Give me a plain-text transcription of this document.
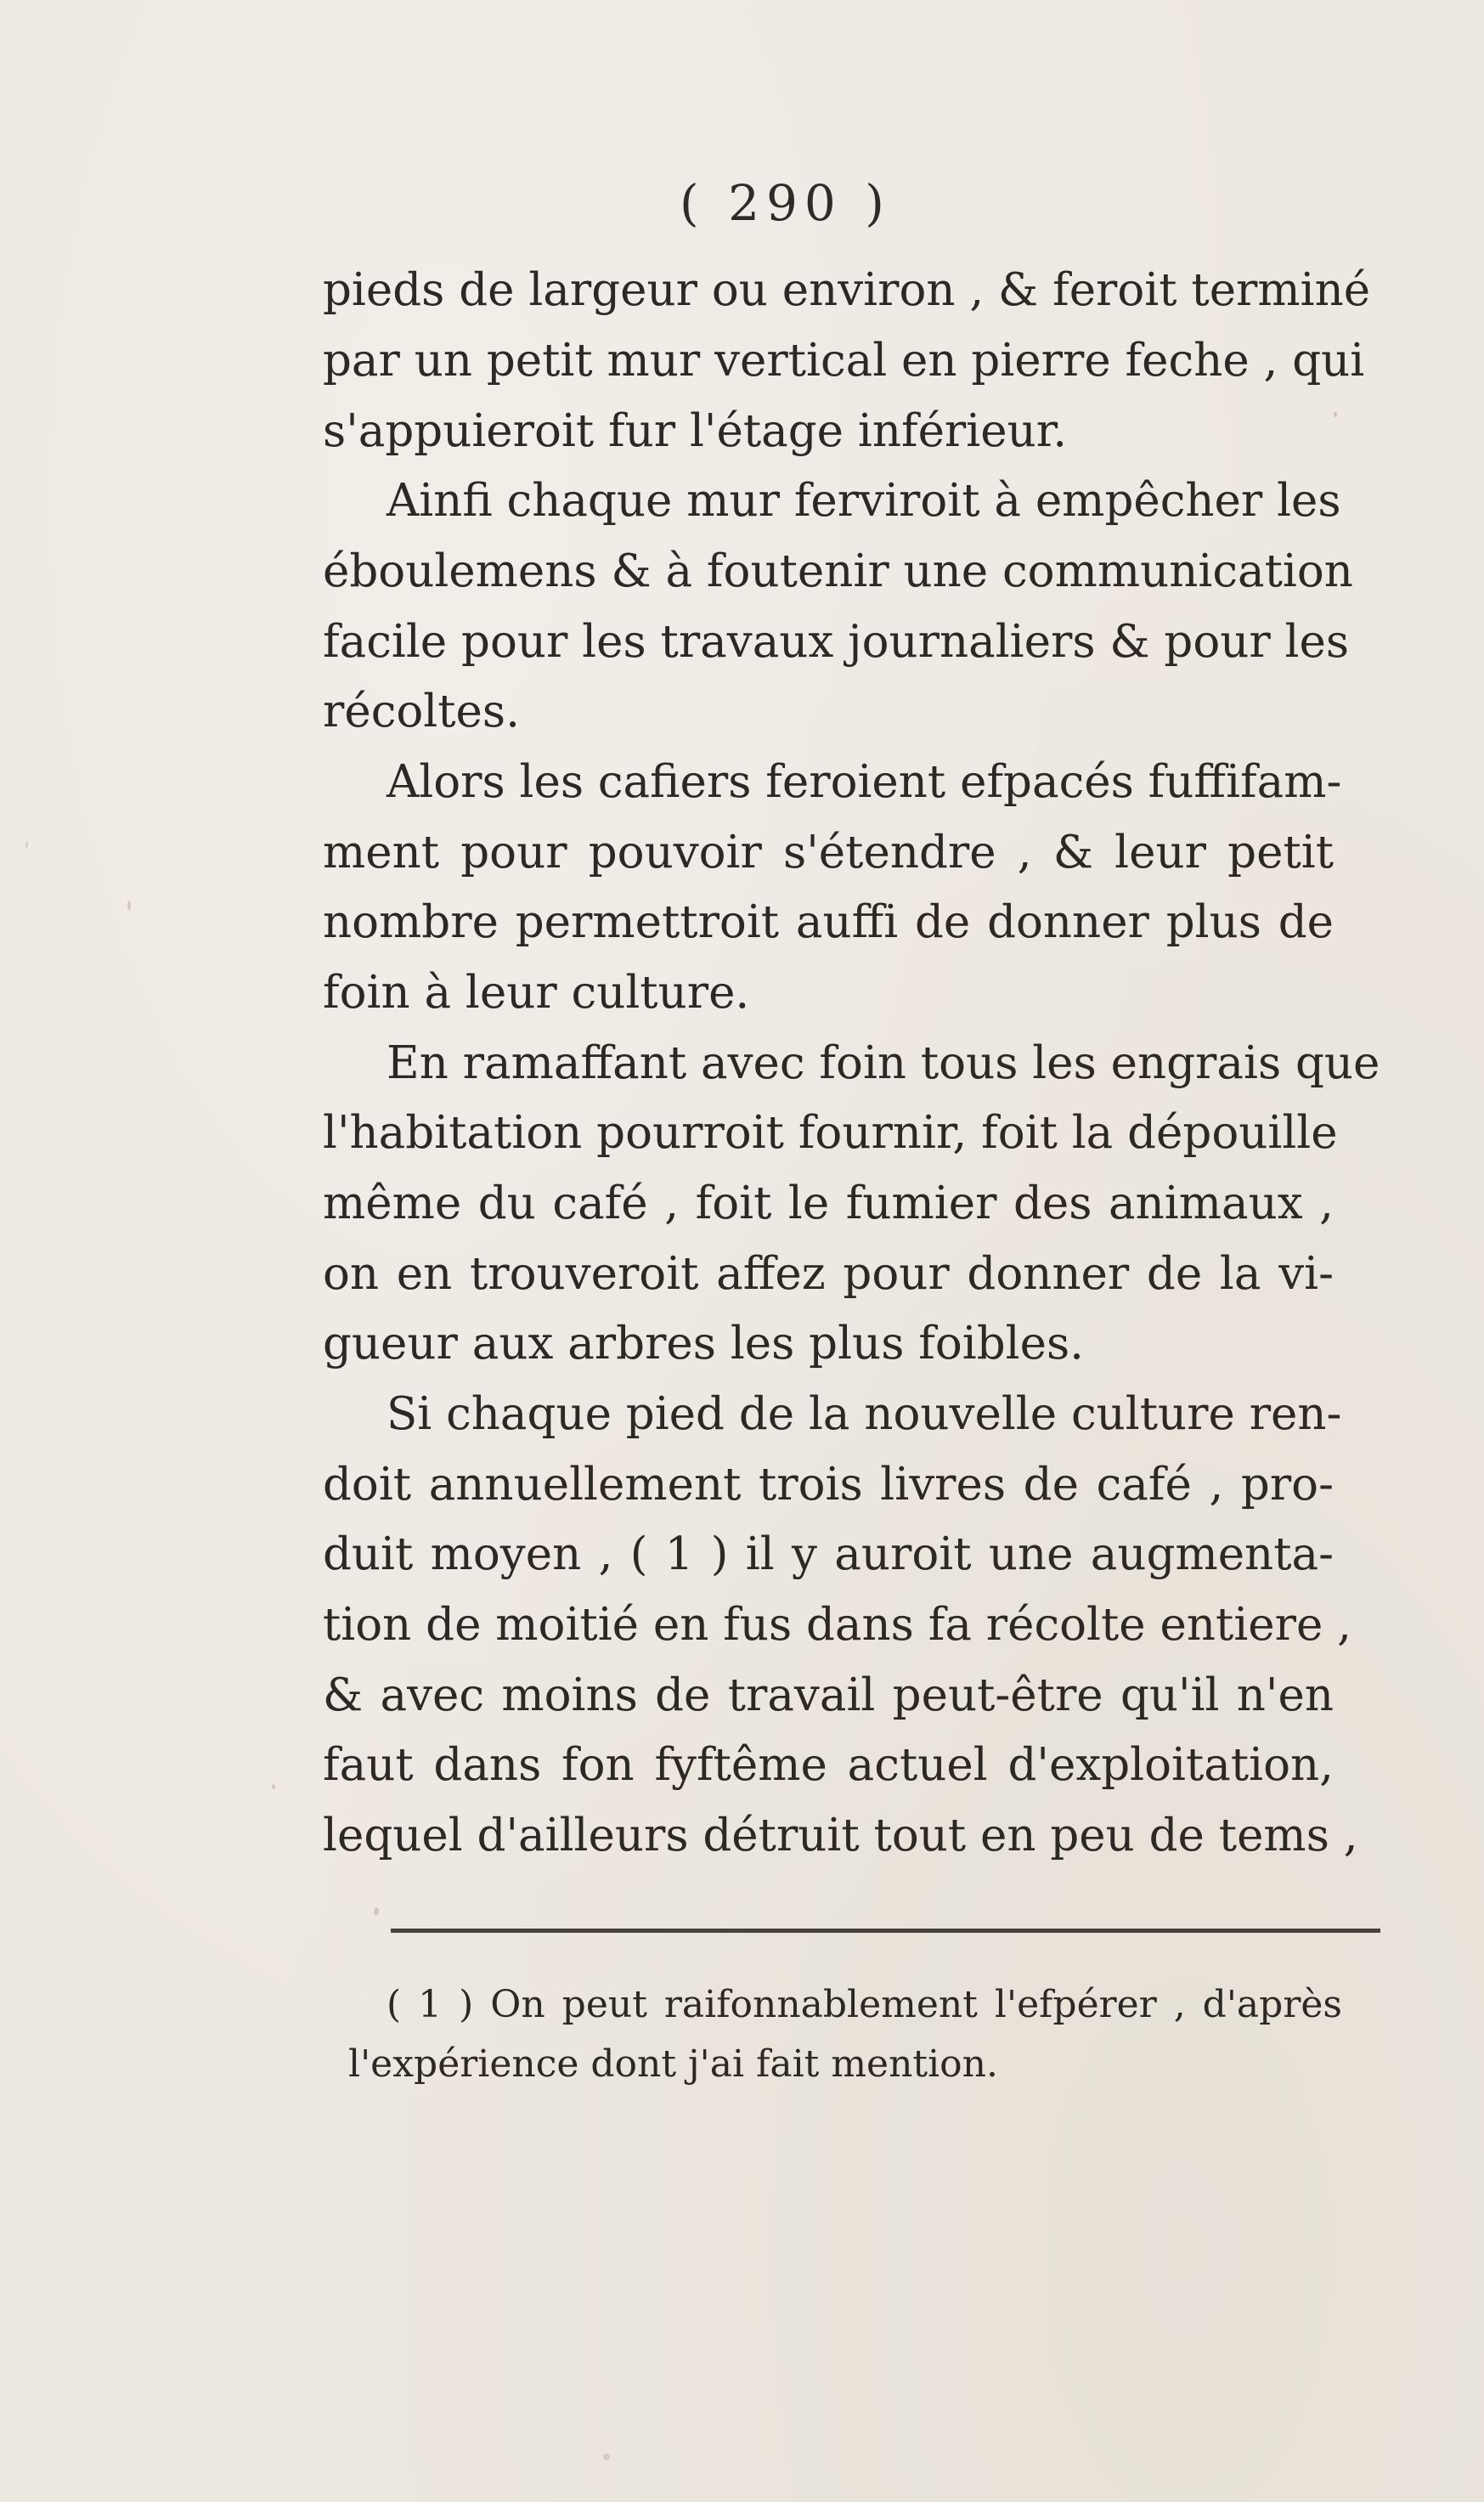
( 290 )
pieds de largeur ou environ , & feroit terminé
par un petit mur vertical en pierre feche , qui
s'appuieroit fur l'étage inférieur.
Ainfi chaque mur ferviroit à empêcher les
éboulemens & à foutenir une communication
facile pour les travaux journaliers & pour les
récoltes.
Alors les cafiers feroient efpacés fuffifam-
ment pour pouvoir s'étendre , & leur petit
nombre permettroit auffi de donner plus de
foin à leur culture.
En ramaffant avec foin tous les engrais que
l'habitation pourroit fournir, foit la dépouille
même du café , foit le fumier des animaux ,
on en trouveroit affez pour donner de la vi-
gueur aux arbres les plus foibles.
Si chaque pied de la nouvelle culture ren-
doit annuellement trois livres de café , pro-
duit moyen , ( 1 ) il y auroit une augmenta-
tion de moitié en fus dans fa récolte entiere ,
& avec moins de travail peut-être qu'il n'en
faut dans fon fyftême actuel d'exploitation,
lequel d'ailleurs détruit tout en peu de tems ,
( 1 ) On peut raifonnablement l'efpérer , d'après
l'expérience dont j'ai fait mention.
